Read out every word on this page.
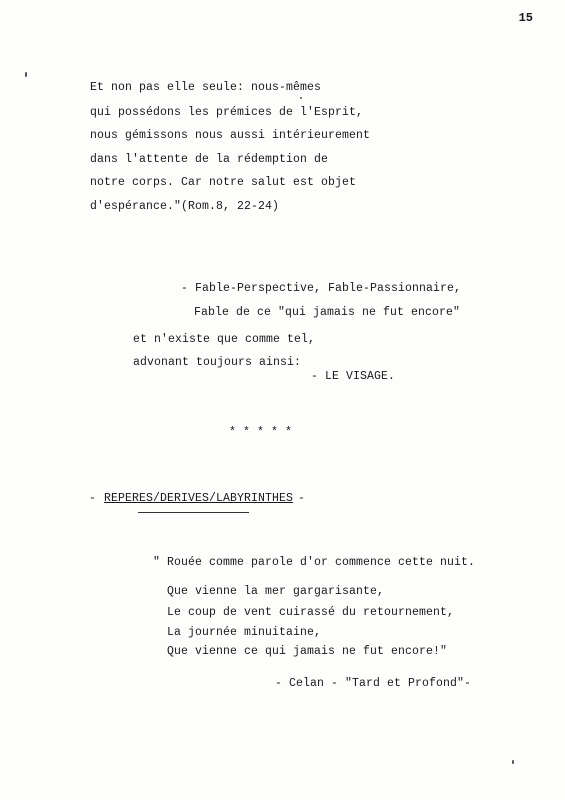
15
Et non pas elle seule: nous-mêmes
qui possédons les prémices de l'Esprit,
nous gémissons nous aussi intérieurement
dans l'attente de la rédemption de
notre corps. Car notre salut est objet
d'espérance."(Rom.8, 22-24)
- Fable-Perspective, Fable-Passionnaire,
Fable de ce "qui jamais ne fut encore"
et n'existe que comme tel,
advonant toujours ainsi:
- LE VISAGE.
* * * * *
- REPERES/DERIVES/LABYRINTHES -
" Rouée comme parole d'or commence cette nuit.
Que vienne la mer gargarisante,
Le coup de vent cuirassé du retournement,
La journée minuitaine,
Que vienne ce qui jamais ne fut encore!"
- Celan - "Tard et Profond"-
